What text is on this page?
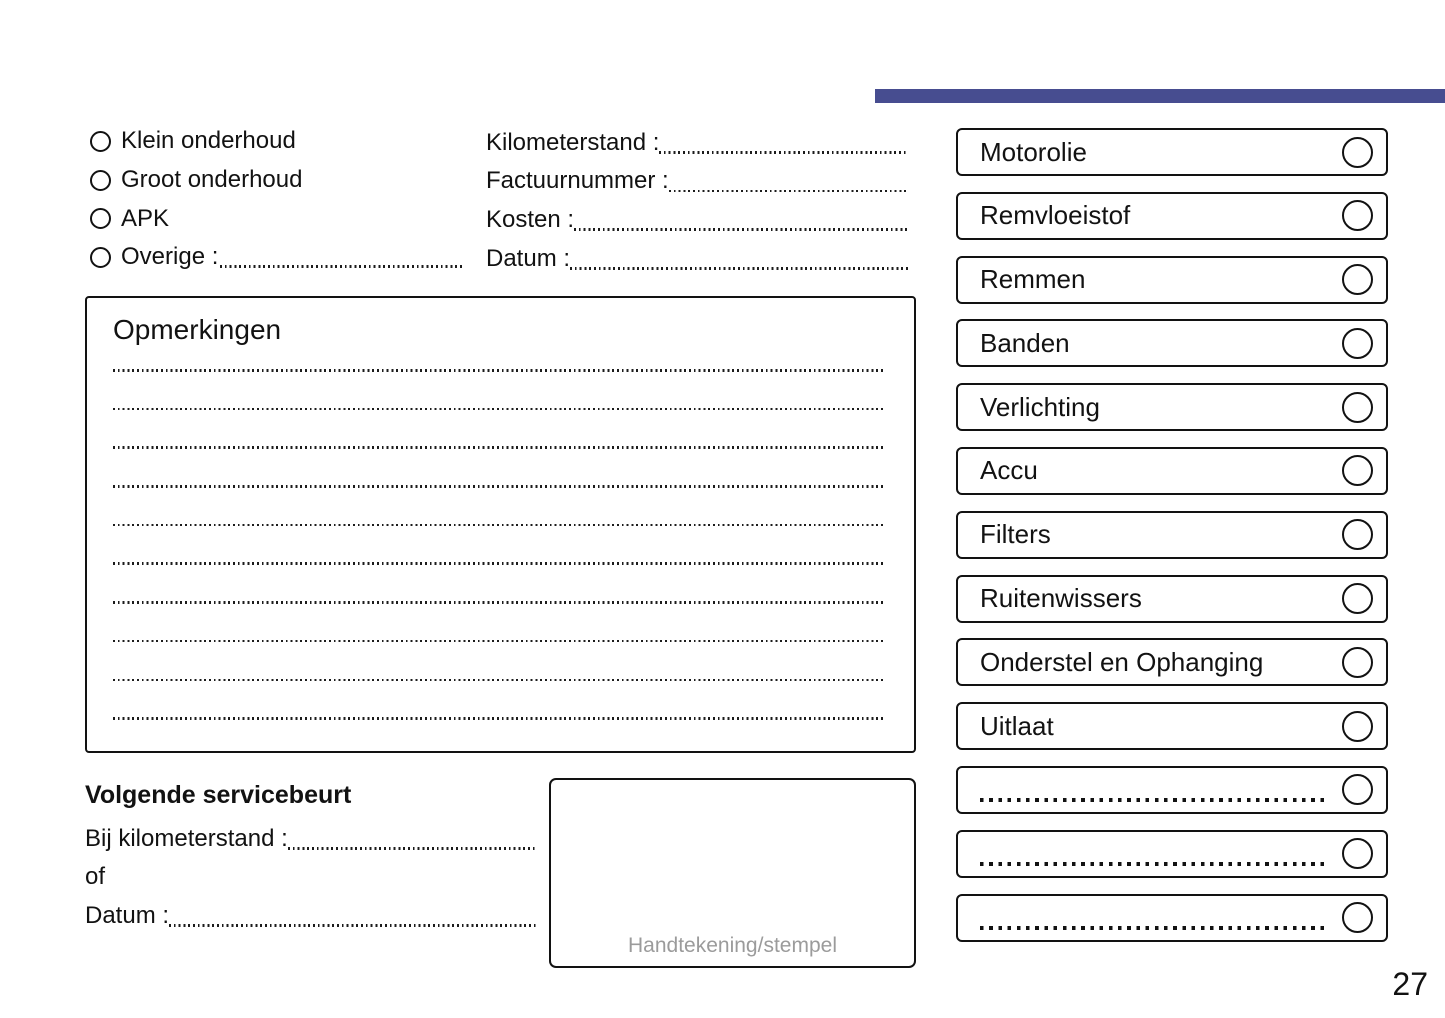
Klein onderhoud
Groot onderhoud
APK
Overige :
Kilometerstand :
Factuurnummer :
Kosten :
Datum :
Opmerkingen
Volgende servicebeurt
Bij kilometerstand :
of
Datum :
Handtekening/stempel
Motorolie
Remvloeistof
Remmen
Banden
Verlichting
Accu
Filters
Ruitenwissers
Onderstel en Ophanging
Uitlaat
27
